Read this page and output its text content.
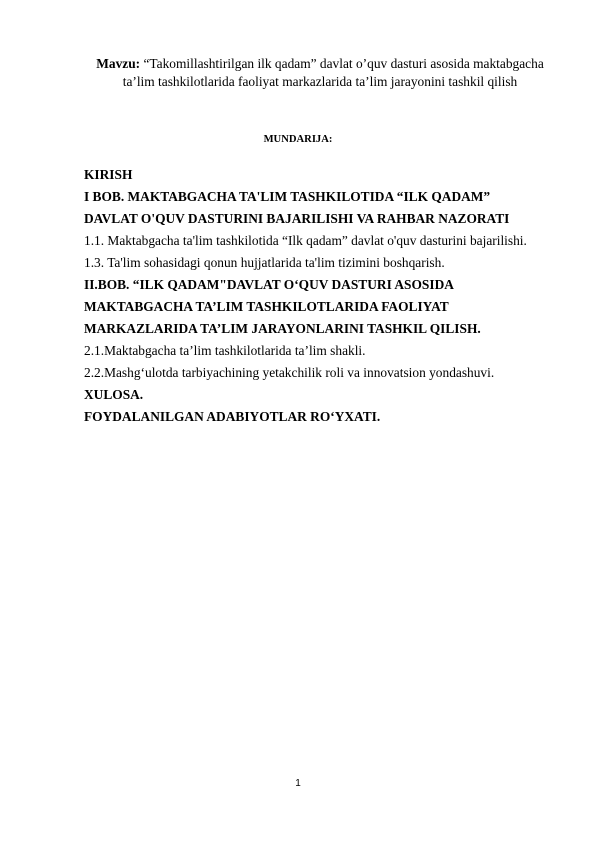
Mavzu: “Takomillashtirilgan ilk qadam” davlat o’quv dasturi asosida maktabgacha ta’lim tashkilotlarida faoliyat markazlarida ta’lim jarayonini tashkil qilish
MUNDARIJA:
KIRISH
I BOB. MAKTABGACHA TA'LIM TASHKILOTIDA “ILK QADAM”
DAVLAT O'QUV DASTURINI BAJARILISHI VA RAHBAR NAZORATI
1.1. Maktabgacha ta'lim tashkilotida “Ilk qadam” davlat o'quv dasturini bajarilishi.
1.3. Ta'lim sohasidagi qonun hujjatlarida ta'lim tizimini boshqarish.
II.BOB. “ILK QADAM"DAVLAT O‘QUV DASTURI ASOSIDA
MAKTABGACHA TA’LIM TASHKILOTLARIDA FAOLIYAT
MARKAZLARIDA TA’LIM JARAYONLARINI TASHKIL QILISH.
2.1.Maktabgacha ta’lim tashkilotlarida ta’lim shakli.
2.2.Mashg‘ulotda tarbiyachining yetakchilik roli va innovatsion yondashuvi.
XULOSA.
FOYDALANILGAN ADABIYOTLAR RO‘YXATI.
1
